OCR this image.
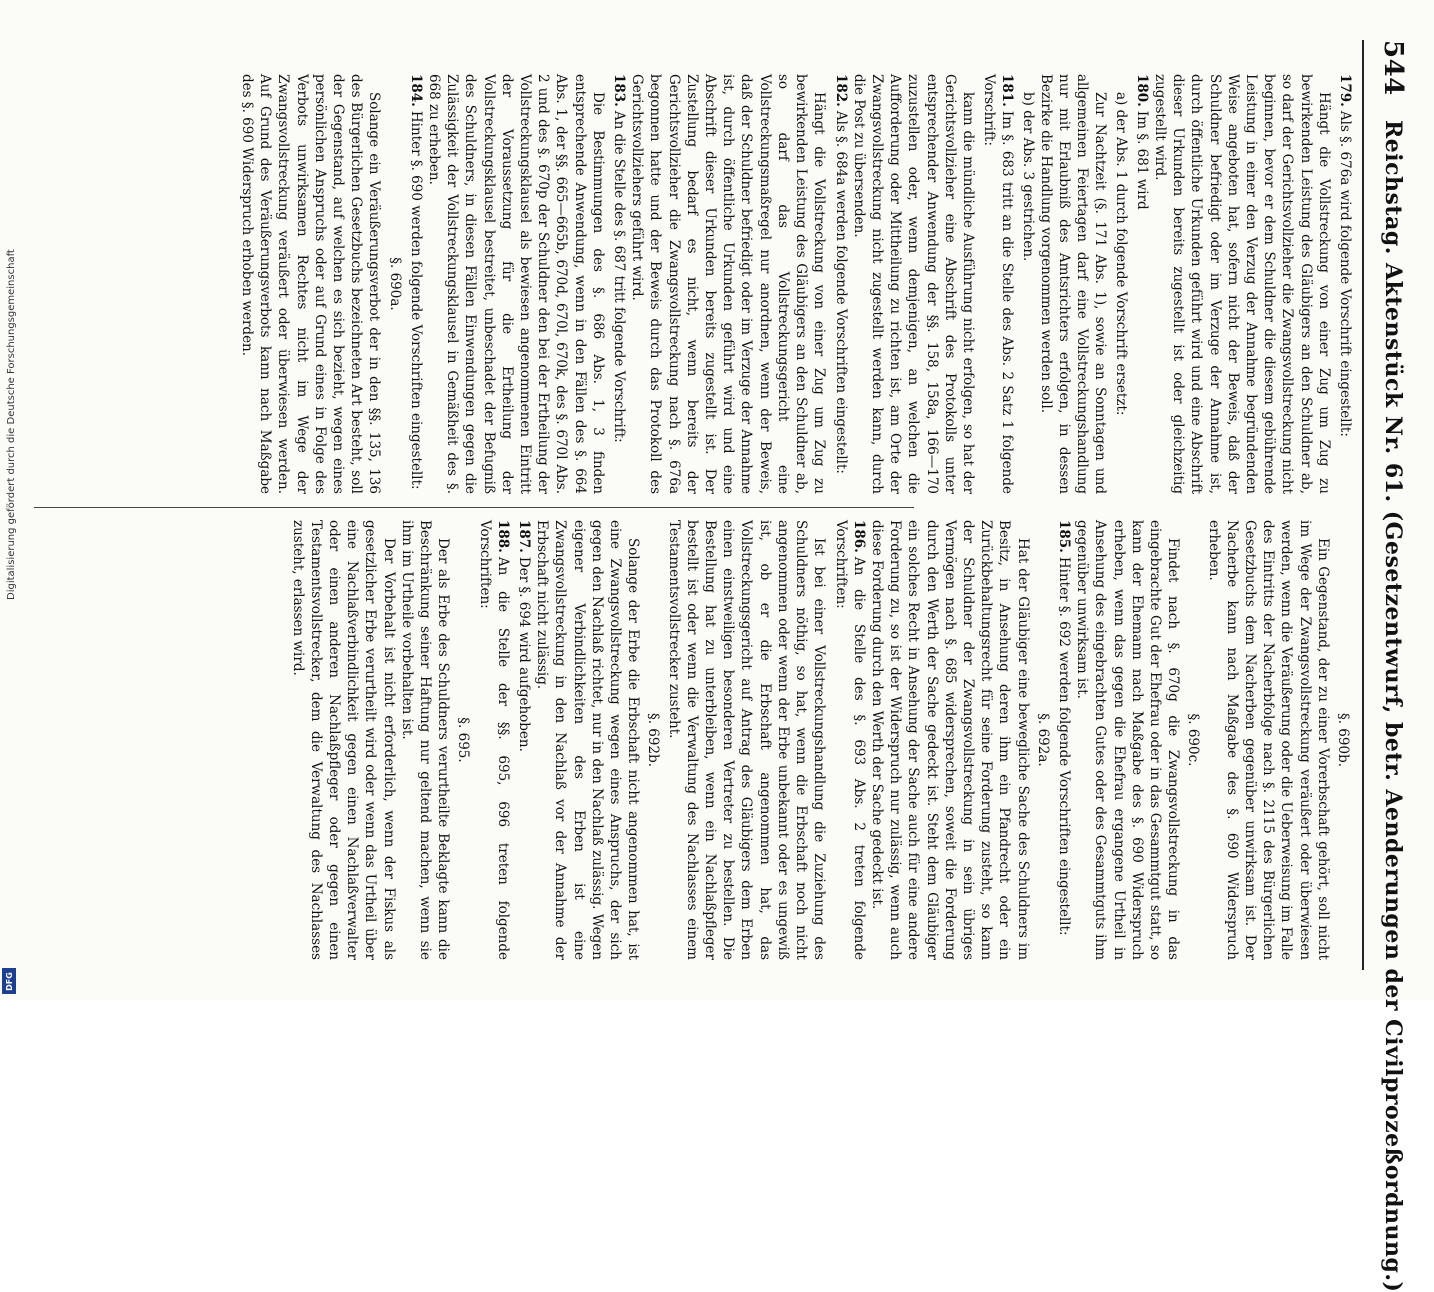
544
Reichstag. Aktenstück Nr. 61. (Gesetzentwurf, betr. Aenderungen der Civilprozeßordnung.)
179.Als §. 676a wird folgende Vorschrift eingestellt:

Hängt die Vollstreckung von einer Zug um Zug zu bewirkenden Leistung des Gläubigers an den Schuldner ab, so darf der Gerichtsvollzieher die Zwangsvollstreckung nicht beginnen, bevor er dem Schuldner die diesem gebührende Leistung in einer den Verzug der Annahme begründenden Weise angeboten hat, sofern nicht der Beweis, daß der Schuldner befriedigt oder im Verzuge der Annahme ist, durch öffentliche Urkunden geführt wird und eine Abschrift dieser Urkunden bereits zugestellt ist oder gleichzeitig zugestellt wird.

180.Im §. 681 wird
a) der Abs. 1 durch folgende Vorschrift ersetzt:

Zur Nachtzeit (§. 171 Abs. 1), sowie an Sonntagen und allgemeinen Feiertagen darf eine Vollstreckungshandlung nur mit Erlaubniß des Amtsrichters erfolgen, in dessen Bezirke die Handlung vorgenommen werden soll.

b) der Abs. 3 gestrichen.
181.Im §. 683 tritt an die Stelle des Abs. 2 Satz 1 folgende Vorschrift:

kann die mündliche Ausführung nicht erfolgen, so hat der Gerichtsvollzieher eine Abschrift des Protokolls unter entsprechender Anwendung der §§. 158, 158a, 166—170 zuzustellen oder, wenn demjenigen, an welchen die Aufforderung oder Mittheilung zu richten ist, am Orte der Zwangsvollstreckung nicht zugestellt werden kann, durch die Post zu übersenden.

182.Als §. 684a werden folgende Vorschriften eingestellt:

Hängt die Vollstreckung von einer Zug um Zug zu bewirkenden Leistung des Gläubigers an den Schuldner ab, so darf das Vollstreckungsgericht eine Vollstreckungsmaßregel nur anordnen, wenn der Beweis, daß der Schuldner befriedigt oder im Verzuge der Annahme ist, durch öffentliche Urkunden geführt wird und eine Abschrift dieser Urkunden bereits zugestellt ist. Der Zustellung bedarf es nicht, wenn bereits der Gerichtsvollzieher die Zwangsvollstreckung nach §. 676a begonnen hatte und der Beweis durch das Protokoll des Gerichtsvollziehers geführt wird.

183.An die Stelle des §. 687 tritt folgende Vorschrift:

Die Bestimmungen des §. 686 Abs. 1, 3 finden entsprechende Anwendung, wenn in den Fällen des §. 664 Abs. 1, der §§. 665—665b, 670d, 670l, 670k, des §. 670l Abs. 2 und des §. 670p der Schuldner den bei der Ertheilung der Vollstreckungsklausel als bewiesen angenommenen Eintritt der Voraussetzung für die Ertheilung der Vollstreckungsklausel bestreitet, unbeschadet der Befugniß des Schuldners, in diesen Fällen Einwendungen gegen die Zulässigkeit der Vollstreckungsklausel in Gemäßheit des §. 668 zu erheben.

184.Hinter §. 690 werden folgende Vorschriften eingestellt:
§. 690a.

Solange ein Veräußerungsverbot der in den §§. 135, 136 des Bürgerlichen Gesetzbuchs bezeichneten Art besteht, soll der Gegenstand, auf welchen es sich bezieht, wegen eines persönlichen Anspruchs oder auf Grund eines in Folge des Verbots unwirksamen Rechtes nicht im Wege der Zwangsvollstreckung veräußert oder überwiesen werden. Auf Grund des Veräußerungsverbots kann nach Maßgabe des §. 690 Widerspruch erhoben werden.

§. 690b.

Ein Gegenstand, der zu einer Vorerbschaft gehört, soll nicht im Wege der Zwangsvollstreckung veräußert oder überwiesen werden, wenn die Veräußerung oder die Ueberweisung im Falle des Eintritts der Nacherbfolge nach §. 2115 des Bürgerlichen Gesetzbuchs dem Nacherben gegenüber unwirksam ist. Der Nacherbe kann nach Maßgabe des §. 690 Widerspruch erheben.

§. 690c.

Findet nach §. 670g die Zwangsvollstreckung in das eingebrachte Gut der Ehefrau oder in das Gesammtgut statt, so kann der Ehemann nach Maßgabe des §. 690 Widerspruch erheben, wenn das gegen die Ehefrau ergangene Urtheil in Ansehung des eingebrachten Gutes oder des Gesammtguts ihm gegenüber unwirksam ist.

185.Hinter §. 692 werden folgende Vorschriften eingestellt:
§. 692a.

Hat der Gläubiger eine bewegliche Sache des Schuldners im Besitz, in Ansehung deren ihm ein Pfandrecht oder ein Zurückbehaltungsrecht für seine Forderung zusteht, so kann der Schuldner der Zwangsvollstreckung in sein übriges Vermögen nach §. 685 widersprechen, soweit die Forderung durch den Werth der Sache gedeckt ist. Steht dem Gläubiger ein solches Recht in Ansehung der Sache auch für eine andere Forderung zu, so ist der Widerspruch nur zulässig, wenn auch diese Forderung durch den Werth der Sache gedeckt ist.

186.An die Stelle des §. 693 Abs. 2 treten folgende Vorschriften:

Ist bei einer Vollstreckungshandlung die Zuziehung des Schuldners nöthig, so hat, wenn die Erbschaft noch nicht angenommen oder wenn der Erbe unbekannt oder es ungewiß ist, ob er die Erbschaft angenommen hat, das Vollstreckungsgericht auf Antrag des Gläubigers dem Erben einen einstweiligen besonderen Vertreter zu bestellen. Die Bestellung hat zu unterbleiben, wenn ein Nachlaßpfleger bestellt ist oder wenn die Verwaltung des Nachlasses einem Testamentsvollstrecker zusteht.

§. 692b.

Solange der Erbe die Erbschaft nicht angenommen hat, ist eine Zwangsvollstreckung wegen eines Anspruchs, der sich gegen den Nachlaß richtet, nur in den Nachlaß zulässig. Wegen eigener Verbindlichkeiten des Erben ist eine Zwangsvollstreckung in den Nachlaß vor der Annahme der Erbschaft nicht zulässig.

187.Der §. 694 wird aufgehoben.
188.An die Stelle der §§. 695, 696 treten folgende Vorschriften:
§. 695.

Der als Erbe des Schuldners verurtheilte Beklagte kann die Beschränkung seiner Haftung nur geltend machen, wenn sie ihm im Urtheile vorbehalten ist.

Der Vorbehalt ist nicht erforderlich, wenn der Fiskus als gesetzlicher Erbe verurtheilt wird oder wenn das Urtheil über eine Nachlaßverbindlichkeit gegen einen Nachlaßverwalter oder einen anderen Nachlaßpfleger oder gegen einen Testamentsvollstrecker, dem die Verwaltung des Nachlasses zusteht, erlassen wird.

Digitalisierung gefördert durch die Deutsche Forschungsgemeinschaft
DFG
